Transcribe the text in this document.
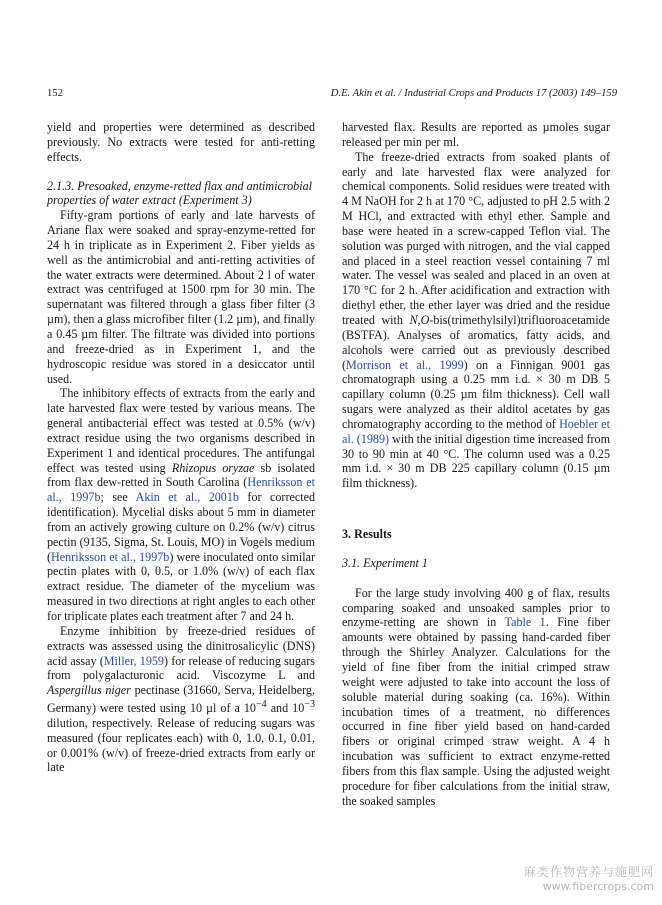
152	D.E. Akin et al. / Industrial Crops and Products 17 (2003) 149–159

yield and properties were determined as described previously. No extracts were tested for anti-retting effects.

2.1.3. Presoaked, enzyme-retted flax and antimicrobial properties of water extract (Experiment 3)

Fifty-gram portions of early and late harvests of Ariane flax were soaked and spray-enzyme-retted for 24 h in triplicate as in Experiment 2. Fiber yields as well as the antimicrobial and anti-retting activities of the water extracts were determined. About 2 l of water extract was centrifuged at 1500 rpm for 30 min. The supernatant was filtered through a glass fiber filter (3 µm), then a glass microfiber filter (1.2 µm), and finally a 0.45 µm filter. The filtrate was divided into portions and freeze-dried as in Experiment 1, and the hydroscopic residue was stored in a desiccator until used.

The inhibitory effects of extracts from the early and late harvested flax were tested by various means. The general antibacterial effect was tested at 0.5% (w/v) extract residue using the two organisms described in Experiment 1 and identical procedures. The antifungal effect was tested using Rhizopus oryzae sb isolated from flax dew-retted in South Carolina (Henriksson et al., 1997b; see Akin et al., 2001b for corrected identification). Mycelial disks about 5 mm in diameter from an actively growing culture on 0.2% (w/v) citrus pectin (9135, Sigma, St. Louis, MO) in Vogels medium (Henriksson et al., 1997b) were inoculated onto similar pectin plates with 0, 0.5, or 1.0% (w/v) of each flax extract residue. The diameter of the mycelium was measured in two directions at right angles to each other for triplicate plates each treatment after 7 and 24 h.

Enzyme inhibition by freeze-dried residues of extracts was assessed using the dinitrosalicylic (DNS) acid assay (Miller, 1959) for release of reducing sugars from polygalacturonic acid. Viscozyme L and Aspergillus niger pectinase (31660, Serva, Heidelberg, Germany) were tested using 10 µl of a $10^{-4}$ and $10^{-3}$ dilution, respectively. Release of reducing sugars was measured (four replicates each) with 0, 1.0, 0.1, 0.01, or 0.001% (w/v) of freeze-dried extracts from early or late

harvested flax. Results are reported as µmoles sugar released per min per ml.

The freeze-dried extracts from soaked plants of early and late harvested flax were analyzed for chemical components. Solid residues were treated with 4 M NaOH for 2 h at 170 °C, adjusted to pH 2.5 with 2 M HCl, and extracted with ethyl ether. Sample and base were heated in a screw-capped Teflon vial. The solution was purged with nitrogen, and the vial capped and placed in a steel reaction vessel containing 7 ml water. The vessel was sealed and placed in an oven at 170 °C for 2 h. After acidification and extraction with diethyl ether, the ether layer was dried and the residue treated with N,O-bis(trimethylsilyl)trifluoroacetamide (BSTFA). Analyses of aromatics, fatty acids, and alcohols were carried out as previously described (Morrison et al., 1999) on a Finnigan 9001 gas chromatograph using a 0.25 mm i.d. × 30 m DB 5 capillary column (0.25 µm film thickness). Cell wall sugars were analyzed as their alditol acetates by gas chromatography according to the method of Hoebler et al. (1989) with the initial digestion time increased from 30 to 90 min at 40 °C. The column used was a 0.25 mm i.d. × 30 m DB 225 capillary column (0.15 µm film thickness).

3. Results

3.1. Experiment 1

For the large study involving 400 g of flax, results comparing soaked and unsoaked samples prior to enzyme-retting are shown in Table 1. Fine fiber amounts were obtained by passing hand-carded fiber through the Shirley Analyzer. Calculations for the yield of fine fiber from the initial crimped straw weight were adjusted to take into account the loss of soluble material during soaking (ca. 16%). Within incubation times of a treatment, no differences occurred in fine fiber yield based on hand-carded fibers or original crimped straw weight. A 4 h incubation was sufficient to extract enzyme-retted fibers from this flax sample. Using the adjusted weight procedure for fiber calculations from the initial straw, the soaked samples

麻类作物营养与施肥网
www.fibercrops.com
